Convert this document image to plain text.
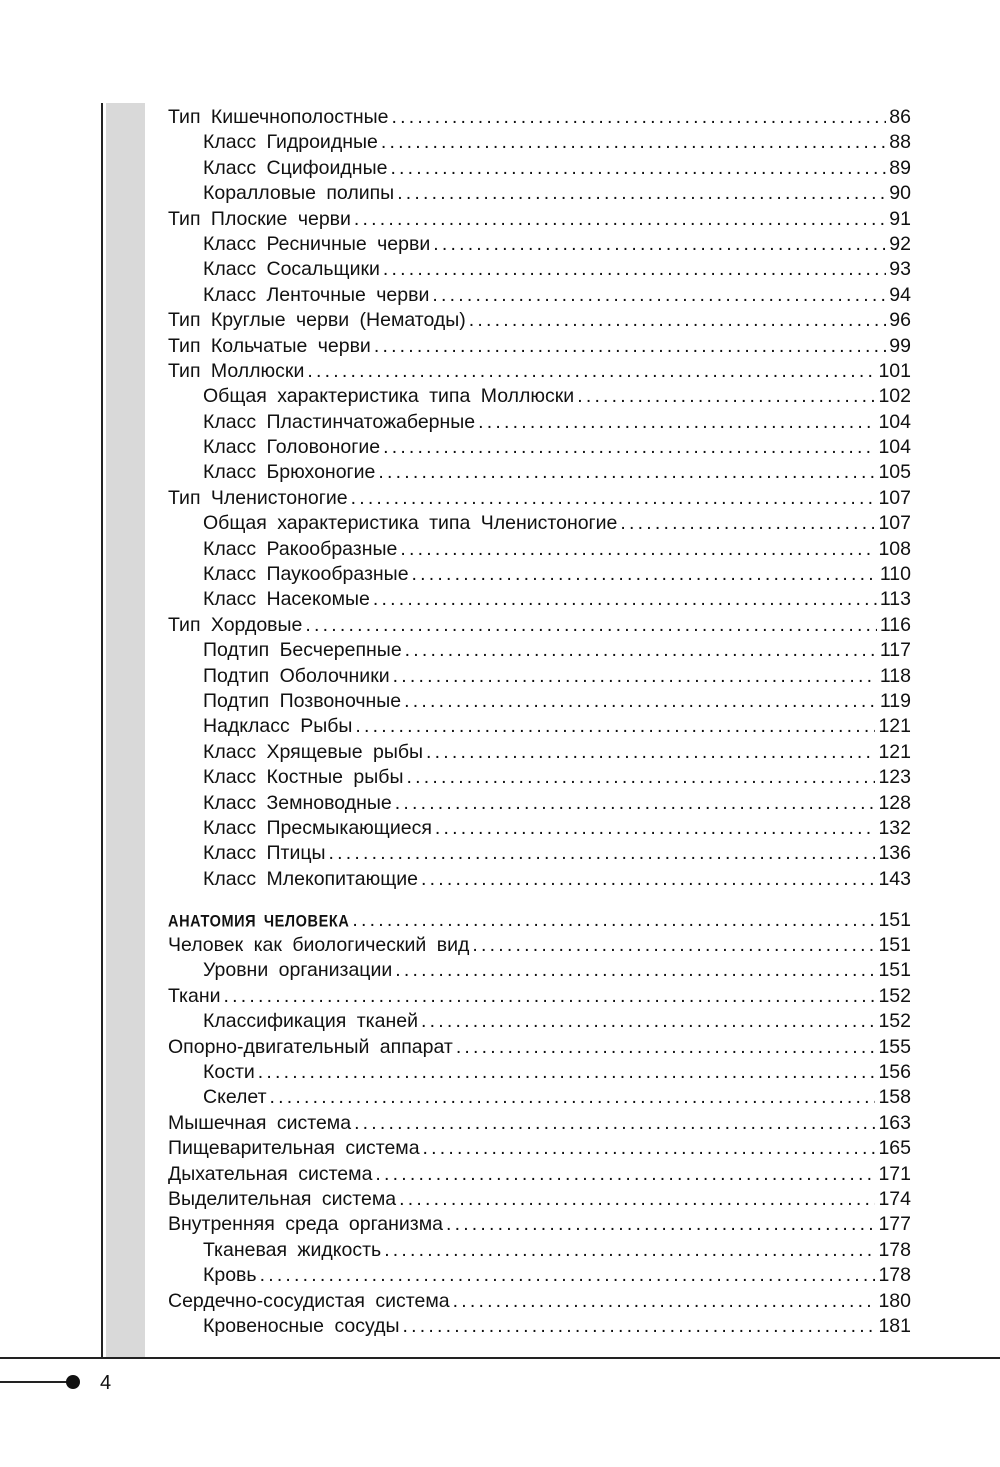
Тип Кишечнополостные .....	86
Класс Гидроидные .....	88
Класс Сцифоидные .....	89
Коралловые полипы .....	90
Тип Плоские черви .....	91
Класс Ресничные черви .....	92
Класс Сосальщики .....	93
Класс Ленточные черви .....	94
Тип Круглые черви (Нематоды) .....	96
Тип Кольчатые черви .....	99
Тип Моллюски .....	101
Общая характеристика типа Моллюски .....	102
Класс Пластинчатожаберные .....	104
Класс Головоногие .....	104
Класс Брюхоногие .....	105
Тип Членистоногие .....	107
Общая характеристика типа Членистоногие .....	107
Класс Ракообразные .....	108
Класс Паукообразные .....	110
Класс Насекомые .....	113
Тип Хордовые .....	116
Подтип Бесчерепные .....	117
Подтип Оболочники .....	118
Подтип Позвоночные .....	119
Надкласс Рыбы .....	121
Класс Хрящевые рыбы .....	121
Класс Костные рыбы .....	123
Класс Земноводные .....	128
Класс Пресмыкающиеся .....	132
Класс Птицы .....	136
Класс Млекопитающие .....	143
АНАТОМИЯ ЧЕЛОВЕКА .....	151
Человек как биологический вид .....	151
Уровни организации .....	151
Ткани .....	152
Классификация тканей .....	152
Опорно-двигательный аппарат .....	155
Кости .....	156
Скелет .....	158
Мышечная система .....	163
Пищеварительная система .....	165
Дыхательная система .....	171
Выделительная система .....	174
Внутренняя среда организма .....	177
Тканевая жидкость .....	178
Кровь .....	178
Сердечно-сосудистая система .....	180
Кровеносные сосуды .....	181
4
